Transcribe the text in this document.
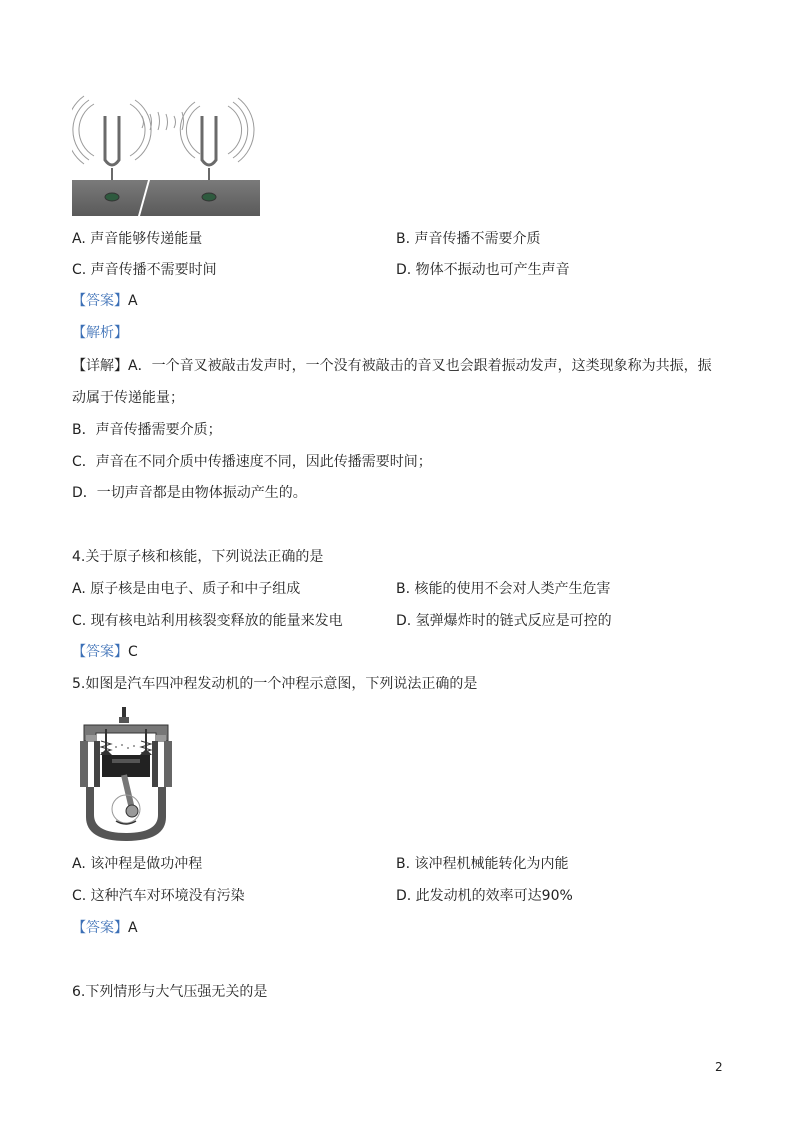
A. 声音能够传递能量	B. 声音传播不需要介质
C. 声音传播不需要时间	D. 物体不振动也可产生声音
【答案】A
【解析】
【详解】A．一个音叉被敲击发声时，一个没有被敲击的音叉也会跟着振动发声，这类现象称为共振，振
动属于传递能量；
B．声音传播需要介质；
C．声音在不同介质中传播速度不同，因此传播需要时间；
D．一切声音都是由物体振动产生的。
4.关于原子核和核能，下列说法正确的是
A. 原子核是由电子、质子和中子组成	B. 核能的使用不会对人类产生危害
C. 现有核电站利用核裂变释放的能量来发电	D. 氢弹爆炸时的链式反应是可控的
【答案】C
5.如图是汽车四冲程发动机的一个冲程示意图，下列说法正确的是
A. 该冲程是做功冲程	B. 该冲程机械能转化为内能
C. 这种汽车对环境没有污染	D. 此发动机的效率可达90%
【答案】A
6.下列情形与大气压强无关的是
2
